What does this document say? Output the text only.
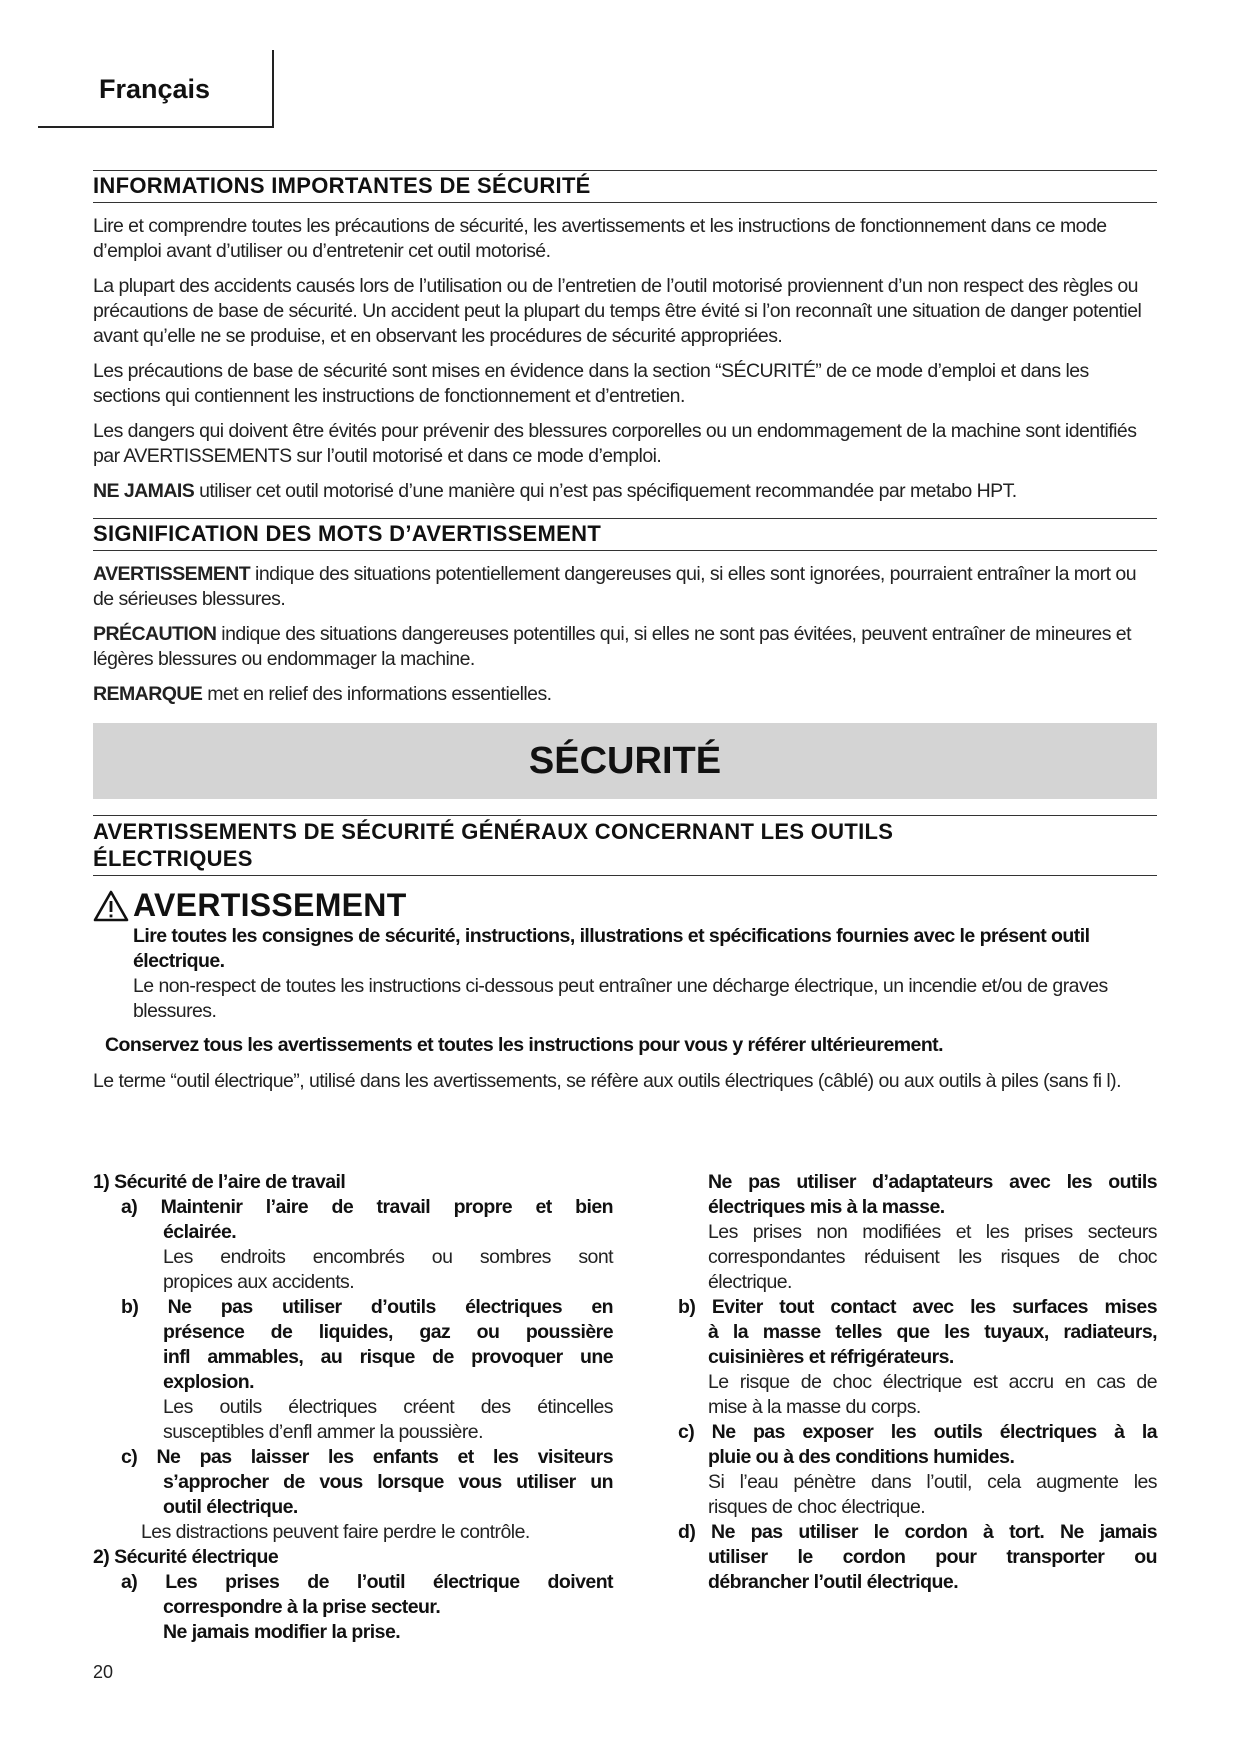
Français
INFORMATIONS IMPORTANTES DE SÉCURITÉ

Lire et comprendre toutes les précautions de sécurité, les avertissements et les instructions de fonctionnement dans ce mode d’emploi avant d’utiliser ou d’entretenir cet outil motorisé.

La plupart des accidents causés lors de l’utilisation ou de l’entretien de l’outil motorisé proviennent d’un non respect des règles ou précautions de base de sécurité. Un accident peut la plupart du temps être évité si l’on reconnaît une situation de danger potentiel avant qu’elle ne se produise, et en observant les procédures de sécurité appropriées.

Les précautions de base de sécurité sont mises en évidence dans la section “SÉCURITÉ” de ce mode d’emploi et dans les sections qui contiennent les instructions de fonctionnement et d’entretien.

Les dangers qui doivent être évités pour prévenir des blessures corporelles ou un endommagement de la machine sont identifiés par AVERTISSEMENTS sur l’outil motorisé et dans ce mode d’emploi.

NE JAMAIS utiliser cet outil motorisé d’une manière qui n’est pas spécifiquement recommandée par metabo HPT.

SIGNIFICATION DES MOTS D’AVERTISSEMENT

AVERTISSEMENT indique des situations potentiellement dangereuses qui, si elles sont ignorées, pourraient entraîner la mort ou de sérieuses blessures.

PRÉCAUTION indique des situations dangereuses potentilles qui, si elles ne sont pas évitées, peuvent entraîner de mineures et légères blessures ou endommager la machine.

REMARQUE met en relief des informations essentielles.

SÉCURITÉ
AVERTISSEMENTS DE SÉCURITÉ GÉNÉRAUX CONCERNANT LES OUTILS
ÉLECTRIQUES
AVERTISSEMENT

Lire toutes les consignes de sécurité, instructions, illustrations et spécifications fournies avec le présent outil électrique.

Le non-respect de toutes les instructions ci-dessous peut entraîner une décharge électrique, un incendie et/ou de graves blessures.

Conservez tous les avertissements et toutes les instructions pour vous y référer ultérieurement.

Le terme “outil électrique”, utilisé dans les avertissements, se réfère aux outils électriques (câblé) ou aux outils à piles (sans fi l).

1) Sécurité de l’aire de travail
a) Maintenir l’aire de travail propre et bien
éclairée.
Les endroits encombrés ou sombres sont
propices aux accidents.
b) Ne pas utiliser d’outils électriques en
présence de liquides, gaz ou poussière
infl ammables, au risque de provoquer une
explosion.
Les outils électriques créent des étincelles
susceptibles d’enfl ammer la poussière.
c) Ne pas laisser les enfants et les visiteurs
s’approcher de vous lorsque vous utiliser un
outil électrique.
Les distractions peuvent faire perdre le contrôle.
2) Sécurité électrique
a) Les prises de l’outil électrique doivent
correspondre à la prise secteur.
Ne jamais modifier la prise.
Ne pas utiliser d’adaptateurs avec les outils
électriques mis à la masse.
Les prises non modifiées et les prises secteurs
correspondantes réduisent les risques de choc
électrique.
b) Eviter tout contact avec les surfaces mises
à la masse telles que les tuyaux, radiateurs,
cuisinières et réfrigérateurs.
Le risque de choc électrique est accru en cas de
mise à la masse du corps.
c) Ne pas exposer les outils électriques à la
pluie ou à des conditions humides.
Si l’eau pénètre dans l’outil, cela augmente les
risques de choc électrique.
d) Ne pas utiliser le cordon à tort. Ne jamais
utiliser le cordon pour transporter ou
débrancher l’outil électrique.
20
